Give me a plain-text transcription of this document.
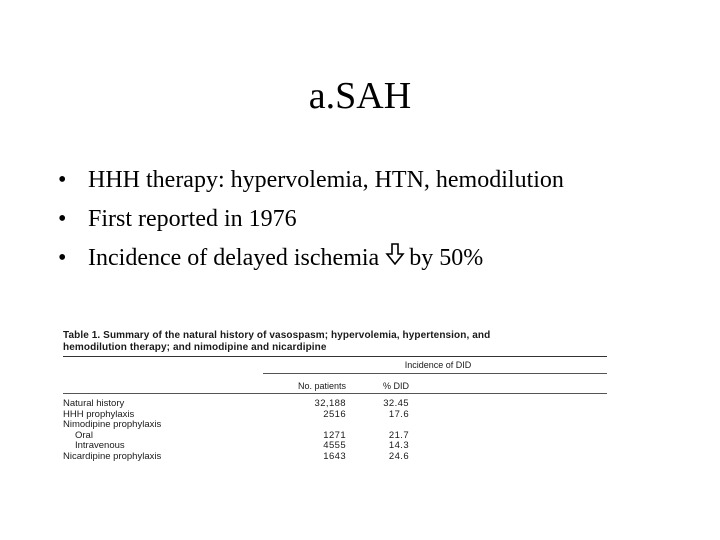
a.SAH
• HHH therapy: hypervolemia, HTN, hemodilution
• First reported in 1976
• Incidence of delayed ischemia by 50%

Table 1. Summary of the natural history of vasospasm; hypervolemia, hypertension, and
hemodilution therapy; and nimodipine and nicardipine

Incidence of DID
No. patients	% DID
Natural history	32,188	32.45
HHH prophylaxis	2516	17.6
Nimodipine prophylaxis
Oral	1271	21.7
Intravenous	4555	14.3
Nicardipine prophylaxis	1643	24.6
